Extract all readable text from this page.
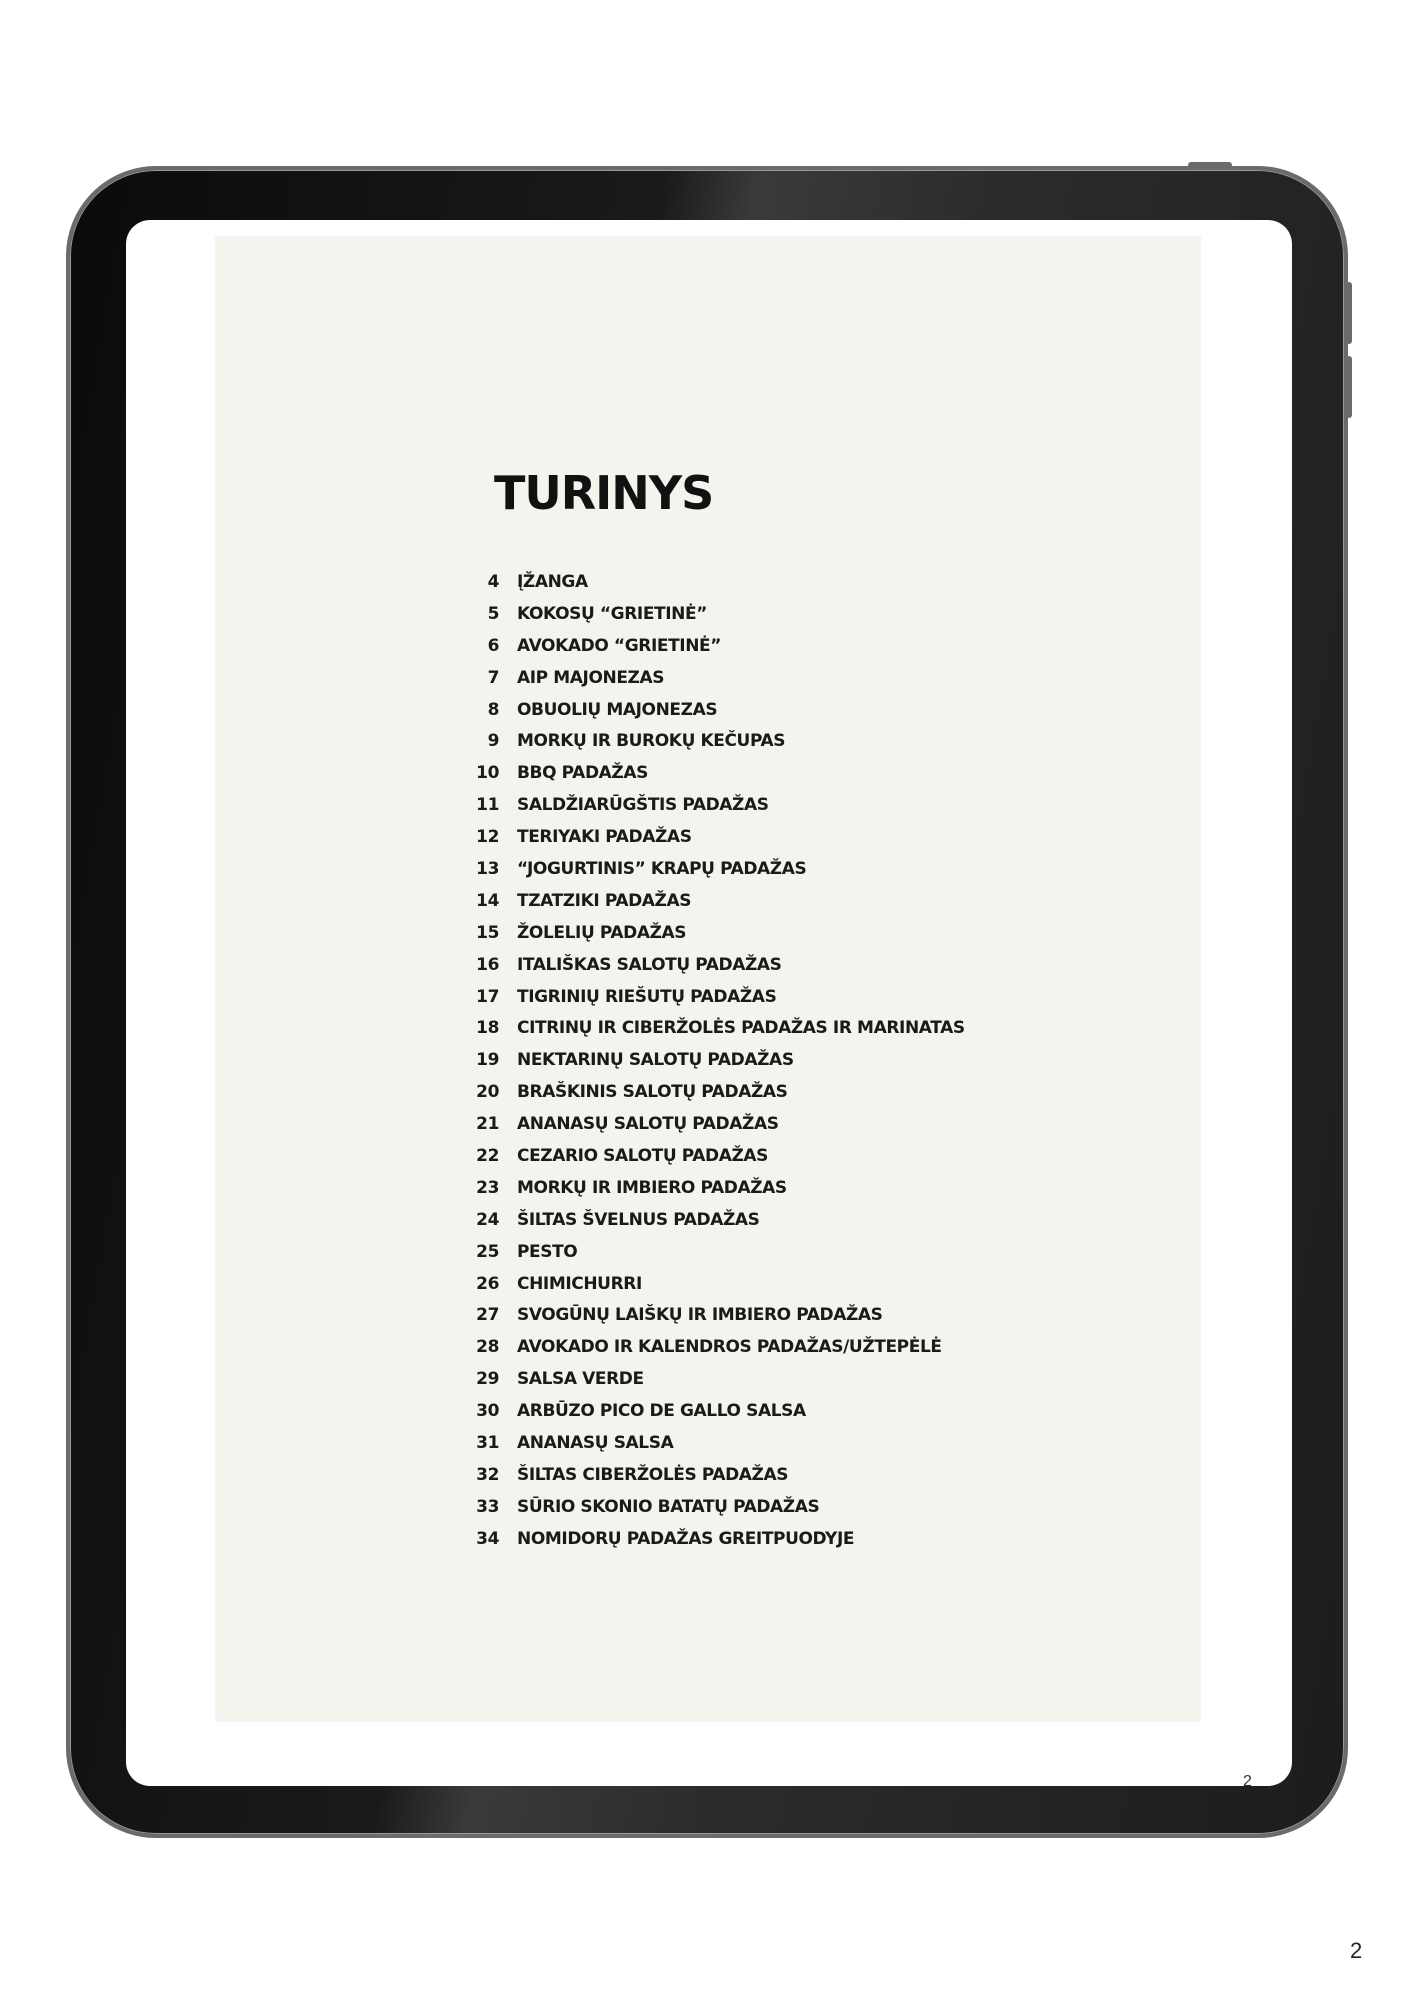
TURINYS
4 ĮŽANGA
5 KOKOSŲ “GRIETINĖ”
6 AVOKADO “GRIETINĖ”
7 AIP MAJONEZAS
8 OBUOLIŲ MAJONEZAS
9 MORKŲ IR BUROKŲ KEČUPAS
10 BBQ PADAŽAS
11 SALDŽIARŪGŠTIS PADAŽAS
12 TERIYAKI PADAŽAS
13 “JOGURTINIS” KRAPŲ PADAŽAS
14 TZATZIKI PADAŽAS
15 ŽOLELIŲ PADAŽAS
16 ITALIŠKAS SALOTŲ PADAŽAS
17 TIGRINIŲ RIEŠUTŲ PADAŽAS
18 CITRINŲ IR CIBERŽOLĖS PADAŽAS IR MARINATAS
19 NEKTARINŲ SALOTŲ PADAŽAS
20 BRAŠKINIS SALOTŲ PADAŽAS
21 ANANASŲ SALOTŲ PADAŽAS
22 CEZARIO SALOTŲ PADAŽAS
23 MORKŲ IR IMBIERO PADAŽAS
24 ŠILTAS ŠVELNUS PADAŽAS
25 PESTO
26 CHIMICHURRI
27 SVOGŪNŲ LAIŠKŲ IR IMBIERO PADAŽAS
28 AVOKADO IR KALENDROS PADAŽAS/UŽTEPĖLĖ
29 SALSA VERDE
30 ARBŪZO PICO DE GALLO SALSA
31 ANANASŲ SALSA
32 ŠILTAS CIBERŽOLĖS PADAŽAS
33 SŪRIO SKONIO BATATŲ PADAŽAS
34 NOMIDORŲ PADAŽAS GREITPUODYJE
2
2
